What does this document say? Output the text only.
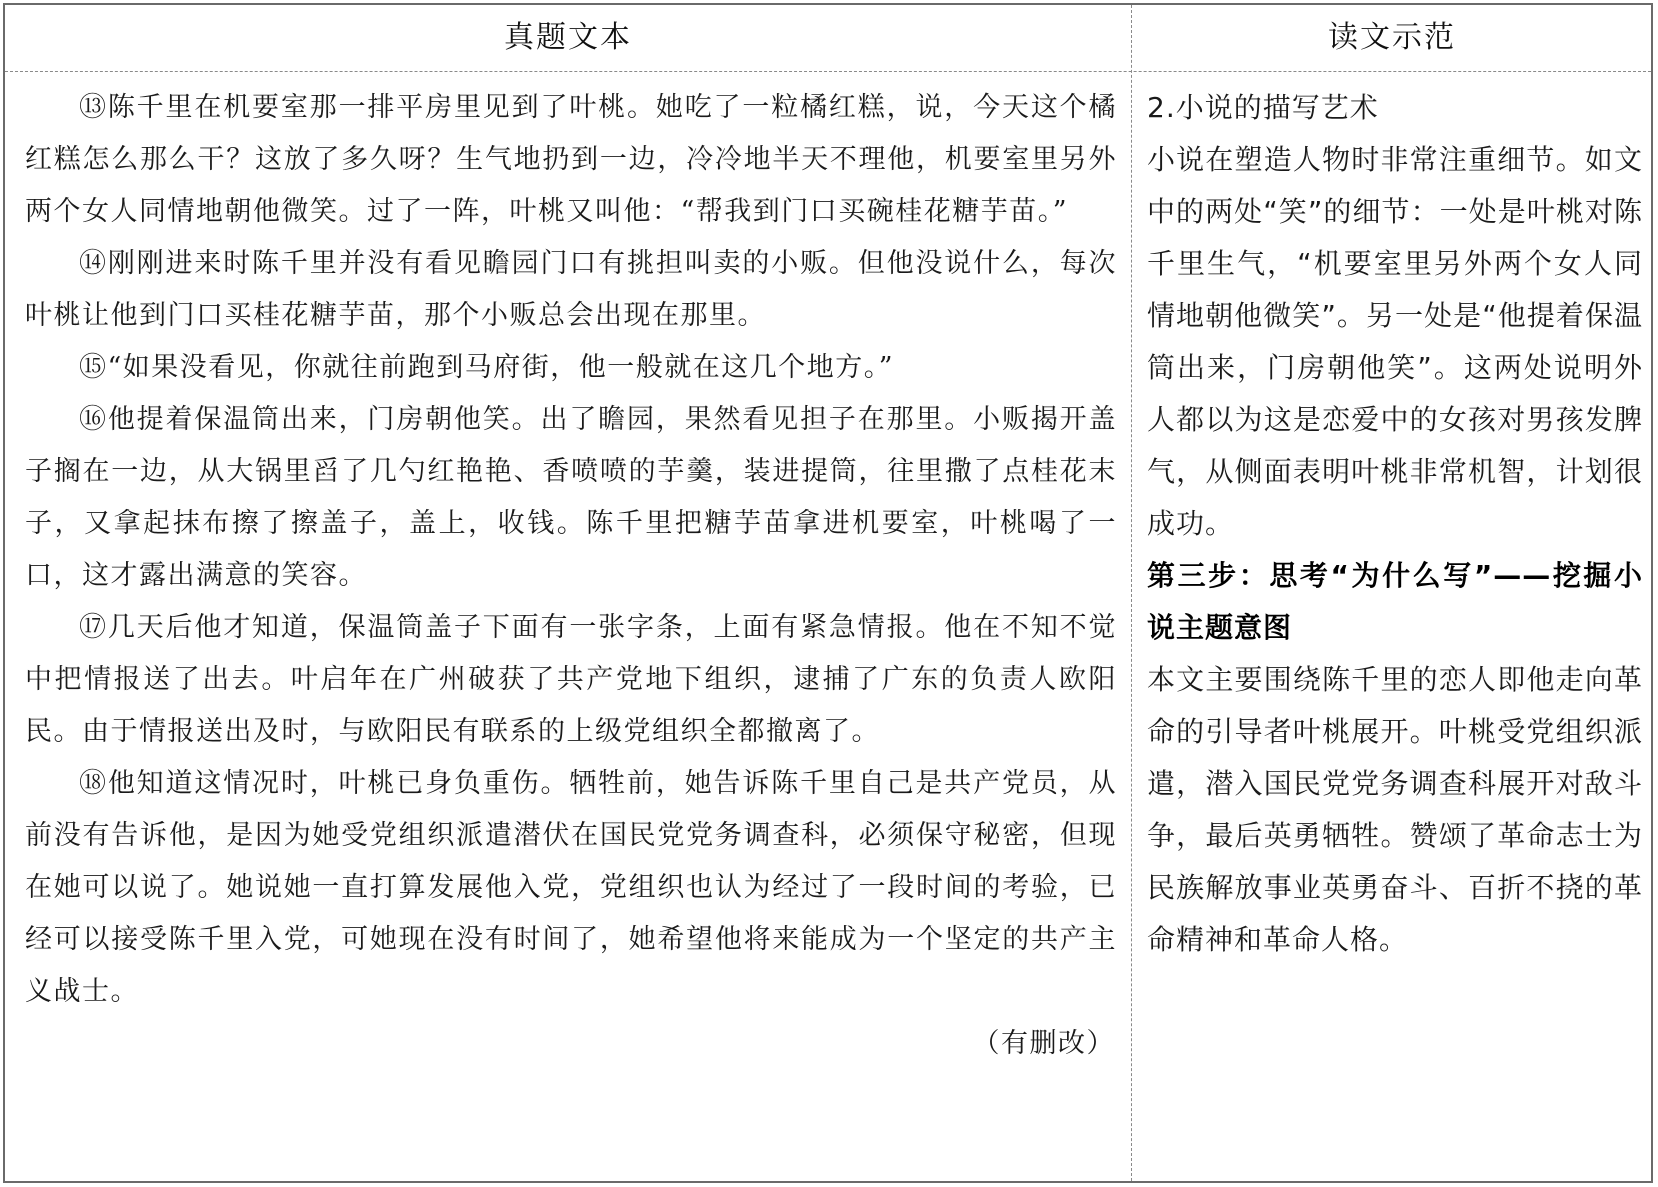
真题文本	读文示范

⑬陈千里在机要室那一排平房里见到了叶桃。她吃了一粒橘红糕，说，今天这个橘红糕怎么那么干？这放了多久呀？生气地扔到一边，冷冷地半天不理他，机要室里另外两个女人同情地朝他微笑。过了一阵，叶桃又叫他：“帮我到门口买碗桂花糖芋苗。”

⑭刚刚进来时陈千里并没有看见瞻园门口有挑担叫卖的小贩。但他没说什么，每次叶桃让他到门口买桂花糖芋苗，那个小贩总会出现在那里。

⑮“如果没看见，你就往前跑到马府街，他一般就在这几个地方。”

⑯他提着保温筒出来，门房朝他笑。出了瞻园，果然看见担子在那里。小贩揭开盖子搁在一边，从大锅里舀了几勺红艳艳、香喷喷的芋羹，装进提筒，往里撒了点桂花末子，又拿起抹布擦了擦盖子，盖上，收钱。陈千里把糖芋苗拿进机要室，叶桃喝了一口，这才露出满意的笑容。

⑰几天后他才知道，保温筒盖子下面有一张字条，上面有紧急情报。他在不知不觉中把情报送了出去。叶启年在广州破获了共产党地下组织，逮捕了广东的负责人欧阳民。由于情报送出及时，与欧阳民有联系的上级党组织全都撤离了。

⑱他知道这情况时，叶桃已身负重伤。牺牲前，她告诉陈千里自己是共产党员，从前没有告诉他，是因为她受党组织派遣潜伏在国民党党务调查科，必须保守秘密，但现在她可以说了。她说她一直打算发展他入党，党组织也认为经过了一段时间的考验，已经可以接受陈千里入党，可她现在没有时间了，她希望他将来能成为一个坚定的共产主义战士。

（有删改）

2.小说的描写艺术

小说在塑造人物时非常注重细节。如文中的两处“笑”的细节：一处是叶桃对陈千里生气，“机要室里另外两个女人同情地朝他微笑”。另一处是“他提着保温筒出来，门房朝他笑”。这两处说明外人都以为这是恋爱中的女孩对男孩发脾气，从侧面表明叶桃非常机智，计划很成功。

第三步：思考“为什么写”——挖掘小说主题意图

本文主要围绕陈千里的恋人即他走向革命的引导者叶桃展开。叶桃受党组织派遣，潜入国民党党务调查科展开对敌斗争，最后英勇牺牲。赞颂了革命志士为民族解放事业英勇奋斗、百折不挠的革命精神和革命人格。
